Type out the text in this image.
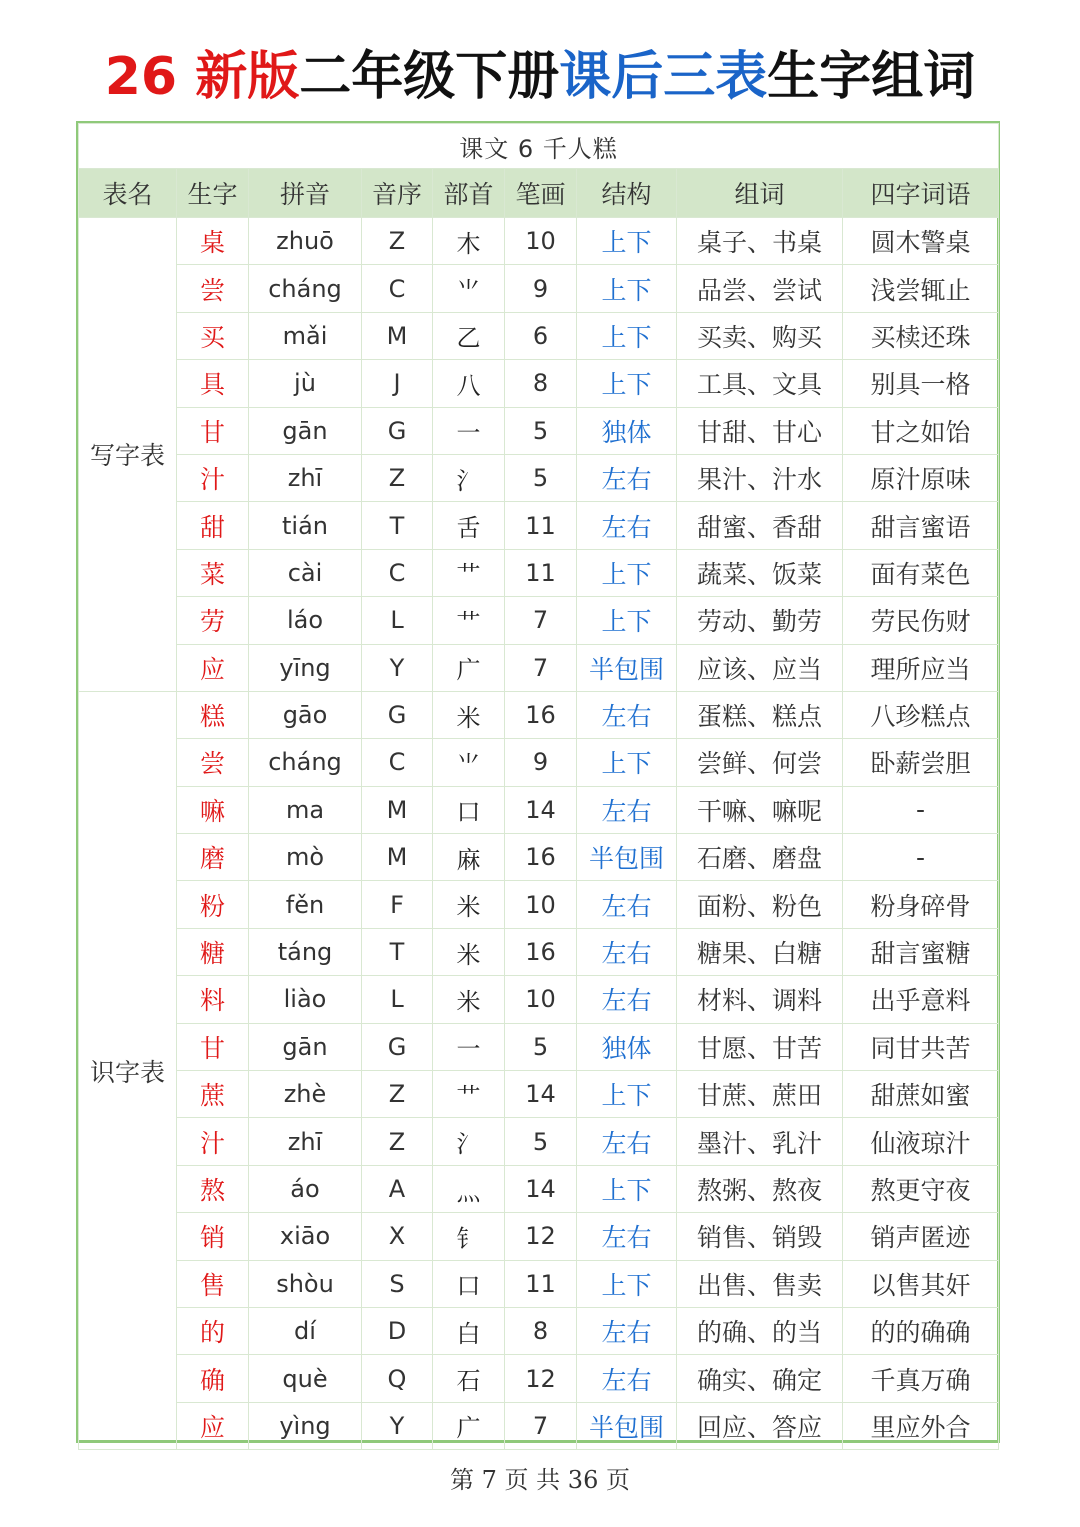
26 新版二年级下册课后三表生字组词
课文 6 千人糕								
表名	生字	拼音	音序	部首	笔画	结构	组词	四字词语
写字表	桌	zhuō	Z	木	10	上下	桌子、书桌	圆木警桌
	尝	cháng	C	⺌	9	上下	品尝、尝试	浅尝辄止
	买	mǎi	M	乙	6	上下	买卖、购买	买椟还珠
	具	jù	J	八	8	上下	工具、文具	别具一格
	甘	gān	G	一	5	独体	甘甜、甘心	甘之如饴
	汁	zhī	Z	氵	5	左右	果汁、汁水	原汁原味
	甜	tián	T	舌	11	左右	甜蜜、香甜	甜言蜜语
	菜	cài	C	艹	11	上下	蔬菜、饭菜	面有菜色
	劳	láo	L	艹	7	上下	劳动、勤劳	劳民伤财
	应	yīng	Y	广	7	半包围	应该、应当	理所应当
识字表	糕	gāo	G	米	16	左右	蛋糕、糕点	八珍糕点
	尝	cháng	C	⺌	9	上下	尝鲜、何尝	卧薪尝胆
	嘛	ma	M	口	14	左右	干嘛、嘛呢	-
	磨	mò	M	麻	16	半包围	石磨、磨盘	-
	粉	fěn	F	米	10	左右	面粉、粉色	粉身碎骨
	糖	táng	T	米	16	左右	糖果、白糖	甜言蜜糖
	料	liào	L	米	10	左右	材料、调料	出乎意料
	甘	gān	G	一	5	独体	甘愿、甘苦	同甘共苦
	蔗	zhè	Z	艹	14	上下	甘蔗、蔗田	甜蔗如蜜
	汁	zhī	Z	氵	5	左右	墨汁、乳汁	仙液琼汁
	熬	áo	A	灬	14	上下	熬粥、熬夜	熬更守夜
	销	xiāo	X	钅	12	左右	销售、销毁	销声匿迹
	售	shòu	S	口	11	上下	出售、售卖	以售其奸
	的	dí	D	白	8	左右	的确、的当	的的确确
	确	què	Q	石	12	左右	确实、确定	千真万确
	应	yìng	Y	广	7	半包围	回应、答应	里应外合
第 7 页 共 36 页
